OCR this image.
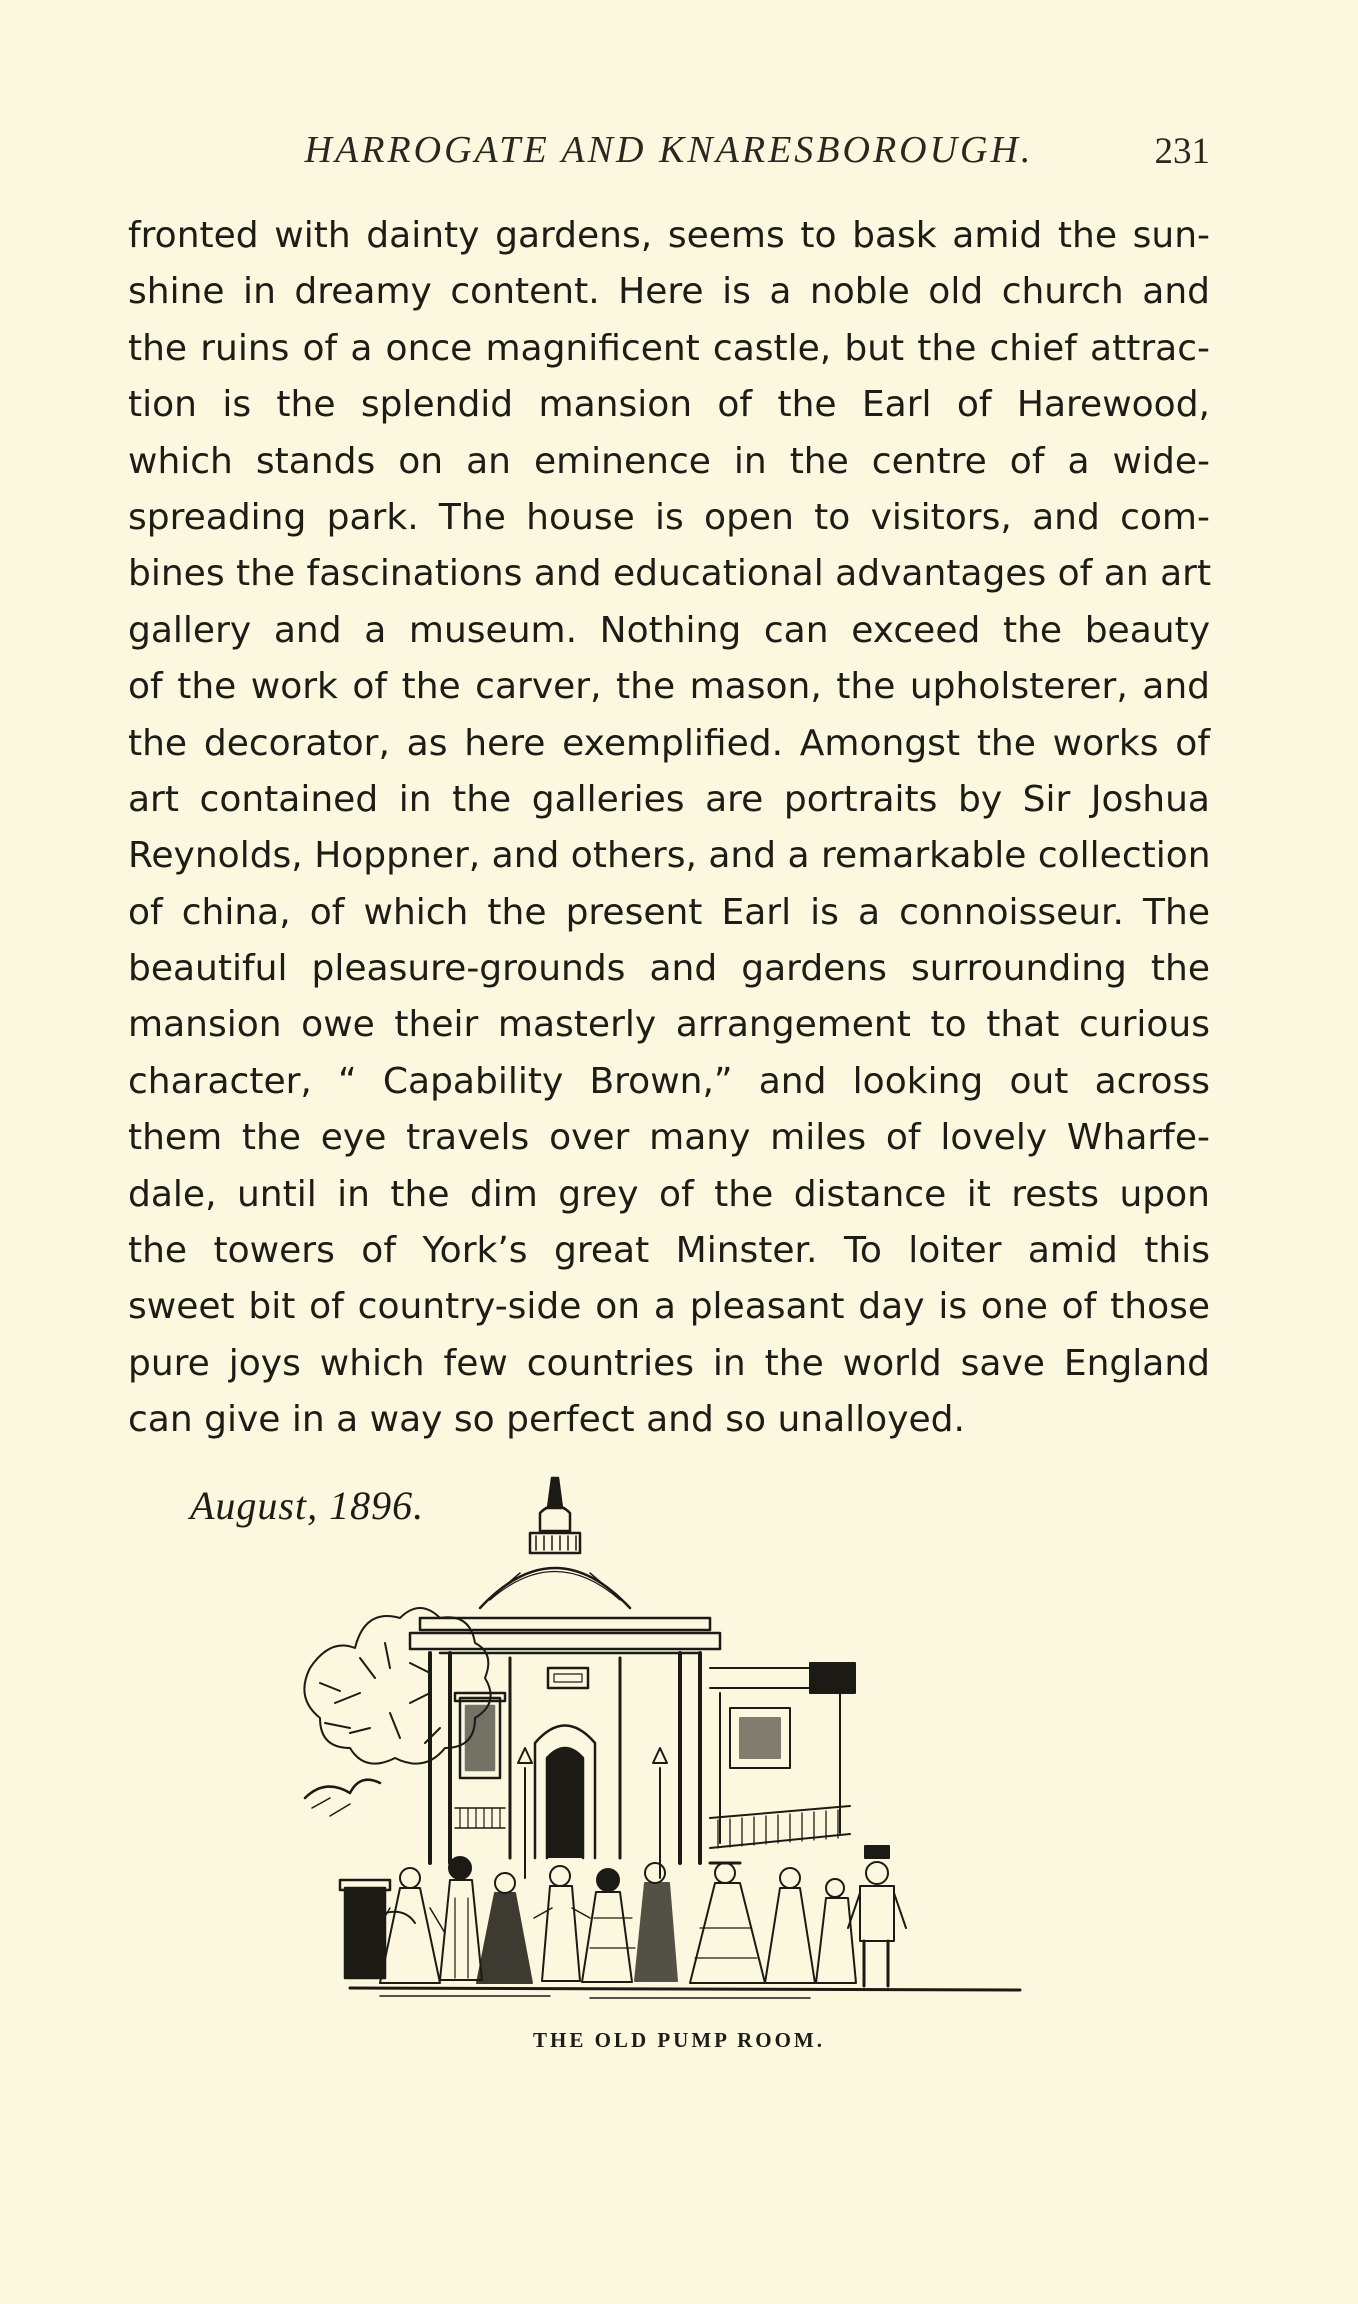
HARROGATE AND KNARESBOROUGH.	231
fronted with dainty gardens, seems to bask amid the sun-
shine in dreamy content. Here is a noble old church and
the ruins of a once magnificent castle, but the chief attrac-
tion is the splendid mansion of the Earl of Harewood,
which stands on an eminence in the centre of a wide-
spreading park. The house is open to visitors, and com-
bines the fascinations and educational advantages of an art
gallery and a museum. Nothing can exceed the beauty
of the work of the carver, the mason, the upholsterer, and
the decorator, as here exemplified. Amongst the works of
art contained in the galleries are portraits by Sir Joshua
Reynolds, Hoppner, and others, and a remarkable collection
of china, of which the present Earl is a connoisseur. The
beautiful pleasure-grounds and gardens surrounding the
mansion owe their masterly arrangement to that curious
character, “ Capability Brown,” and looking out across
them the eye travels over many miles of lovely Wharfe-
dale, until in the dim grey of the distance it rests upon
the towers of York’s great Minster. To loiter amid this
sweet bit of country-side on a pleasant day is one of those
pure joys which few countries in the world save England
can give in a way so perfect and so unalloyed.
August, 1896.
THE OLD PUMP ROOM.
